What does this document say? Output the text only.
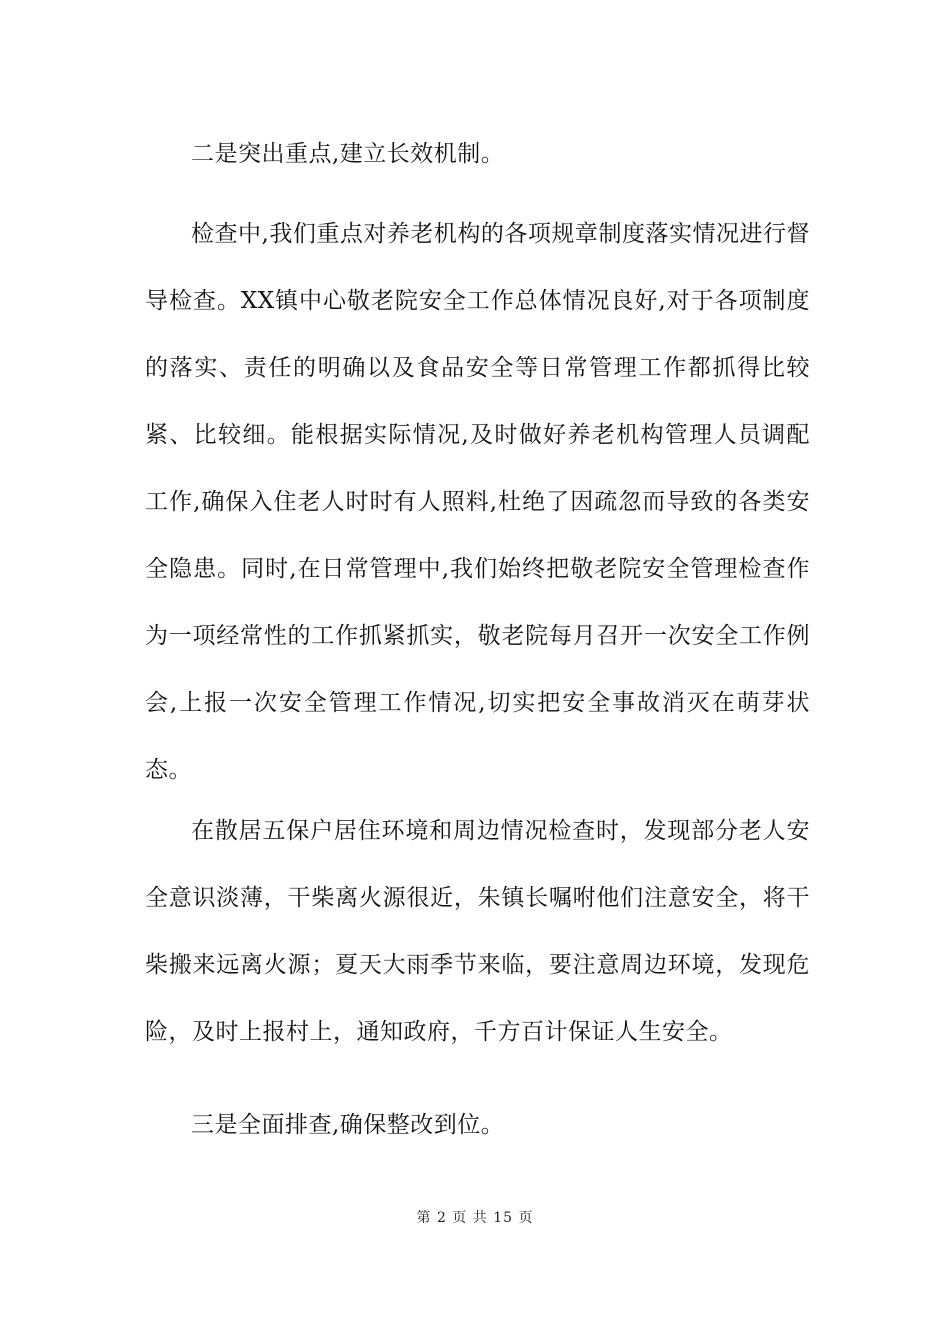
二是突出重点,建立长效机制。

检查中,我们重点对养老机构的各项规章制度落实情况进行督导检查。XX镇中心敬老院安全工作总体情况良好,对于各项制度的落实、责任的明确以及食品安全等日常管理工作都抓得比较紧、比较细。能根据实际情况,及时做好养老机构管理人员调配工作,确保入住老人时时有人照料,杜绝了因疏忽而导致的各类安全隐患。同时,在日常管理中,我们始终把敬老院安全管理检查作为一项经常性的工作抓紧抓实，敬老院每月召开一次安全工作例会,上报一次安全管理工作情况,切实把安全事故消灭在萌芽状态。

在散居五保户居住环境和周边情况检查时，发现部分老人安全意识淡薄，干柴离火源很近，朱镇长嘱咐他们注意安全，将干柴搬来远离火源；夏天大雨季节来临，要注意周边环境，发现危险，及时上报村上，通知政府，千方百计保证人生安全。

三是全面排查,确保整改到位。

第 2 页 共 15 页
